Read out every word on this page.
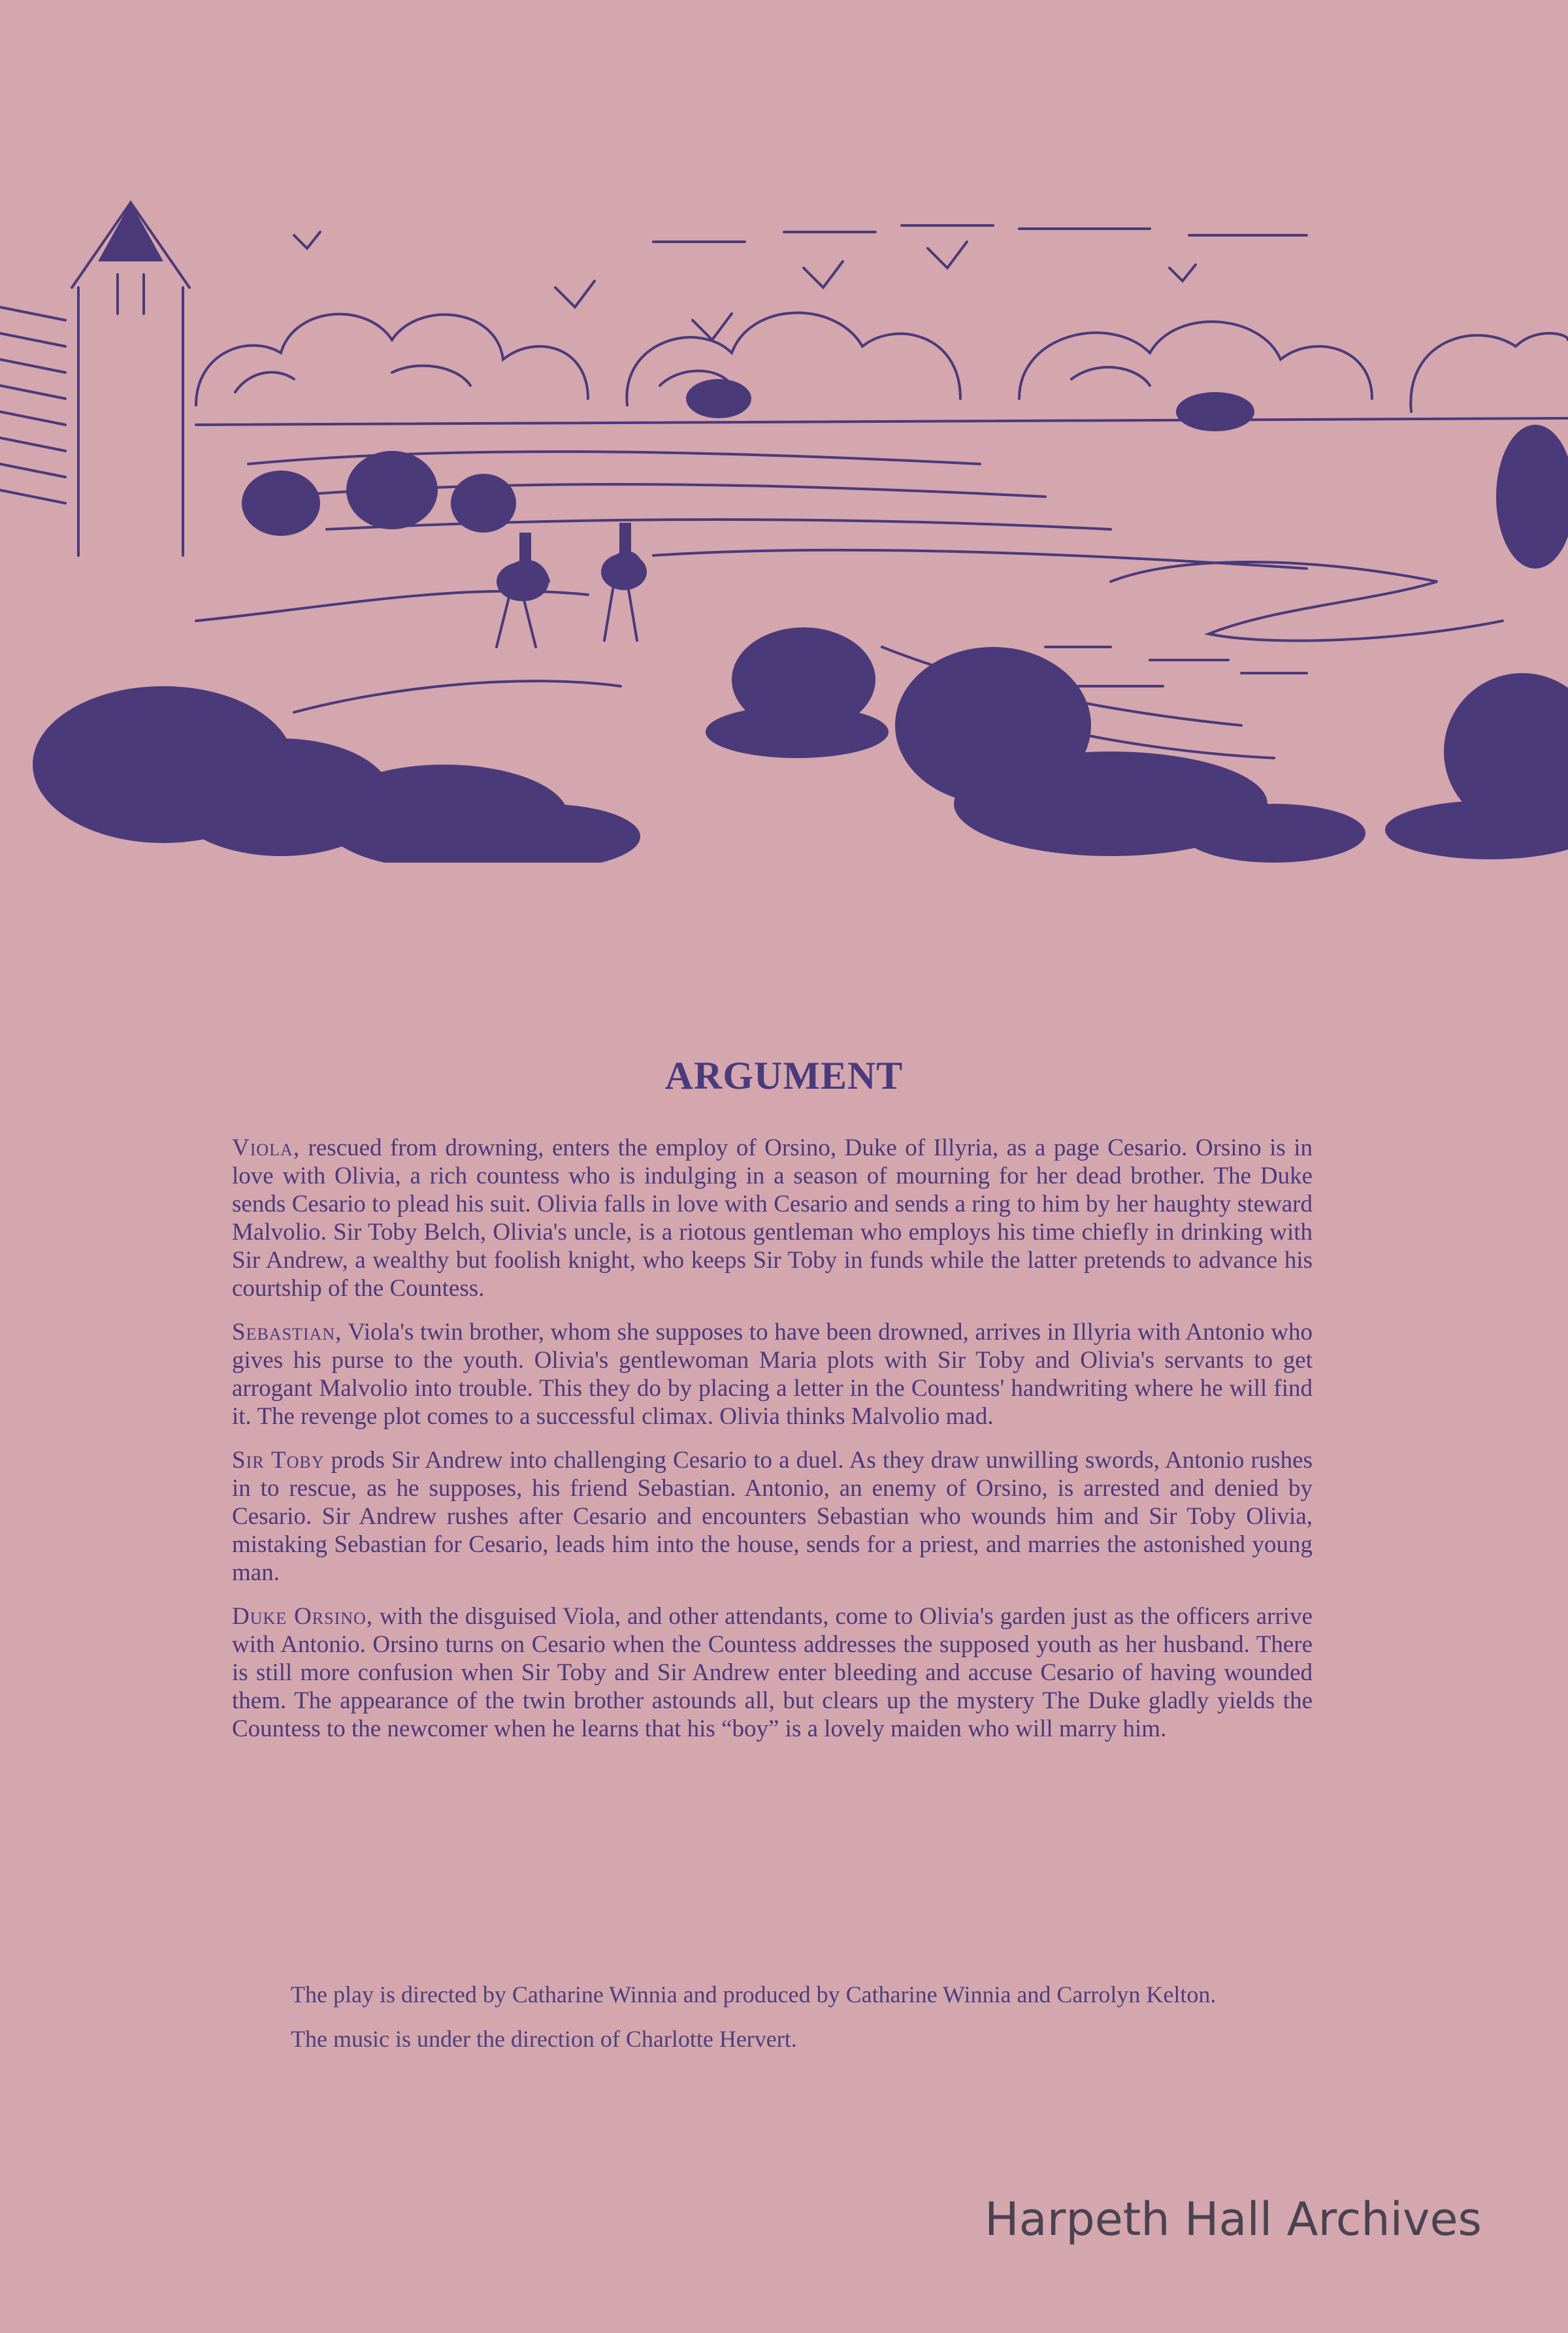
ARGUMENT

Viola, rescued from drowning, enters the employ of Orsino, Duke of Illyria, as a page Cesario. Orsino is in love with Olivia, a rich countess who is indulging in a season of mourning for her dead brother. The Duke sends Cesario to plead his suit. Olivia falls in love with Cesario and sends a ring to him by her haughty steward Malvolio. Sir Toby Belch, Olivia's uncle, is a riotous gentleman who employs his time chiefly in drinking with Sir Andrew, a wealthy but foolish knight, who keeps Sir Toby in funds while the latter pretends to advance his courtship of the Countess.

Sebastian, Viola's twin brother, whom she supposes to have been drowned, arrives in Illyria with Antonio who gives his purse to the youth. Olivia's gentlewoman Maria plots with Sir Toby and Olivia's servants to get arrogant Malvolio into trouble. This they do by placing a letter in the Countess' handwriting where he will find it. The revenge plot comes to a successful climax. Olivia thinks Malvolio mad.

Sir Toby prods Sir Andrew into challenging Cesario to a duel. As they draw unwilling swords, Antonio rushes in to rescue, as he supposes, his friend Sebastian. Antonio, an enemy of Orsino, is arrested and denied by Cesario. Sir Andrew rushes after Cesario and encounters Sebastian who wounds him and Sir Toby Olivia, mistaking Sebastian for Cesario, leads him into the house, sends for a priest, and marries the astonished young man.

Duke Orsino, with the disguised Viola, and other attendants, come to Olivia's garden just as the officers arrive with Antonio. Orsino turns on Cesario when the Countess addresses the supposed youth as her husband. There is still more confusion when Sir Toby and Sir Andrew enter bleeding and accuse Cesario of having wounded them. The appearance of the twin brother astounds all, but clears up the mystery The Duke gladly yields the Countess to the newcomer when he learns that his “boy” is a lovely maiden who will marry him.

The play is directed by Catharine Winnia and produced by Catharine Winnia and Carrolyn Kelton.

The music is under the direction of Charlotte Hervert.

Harpeth Hall Archives
